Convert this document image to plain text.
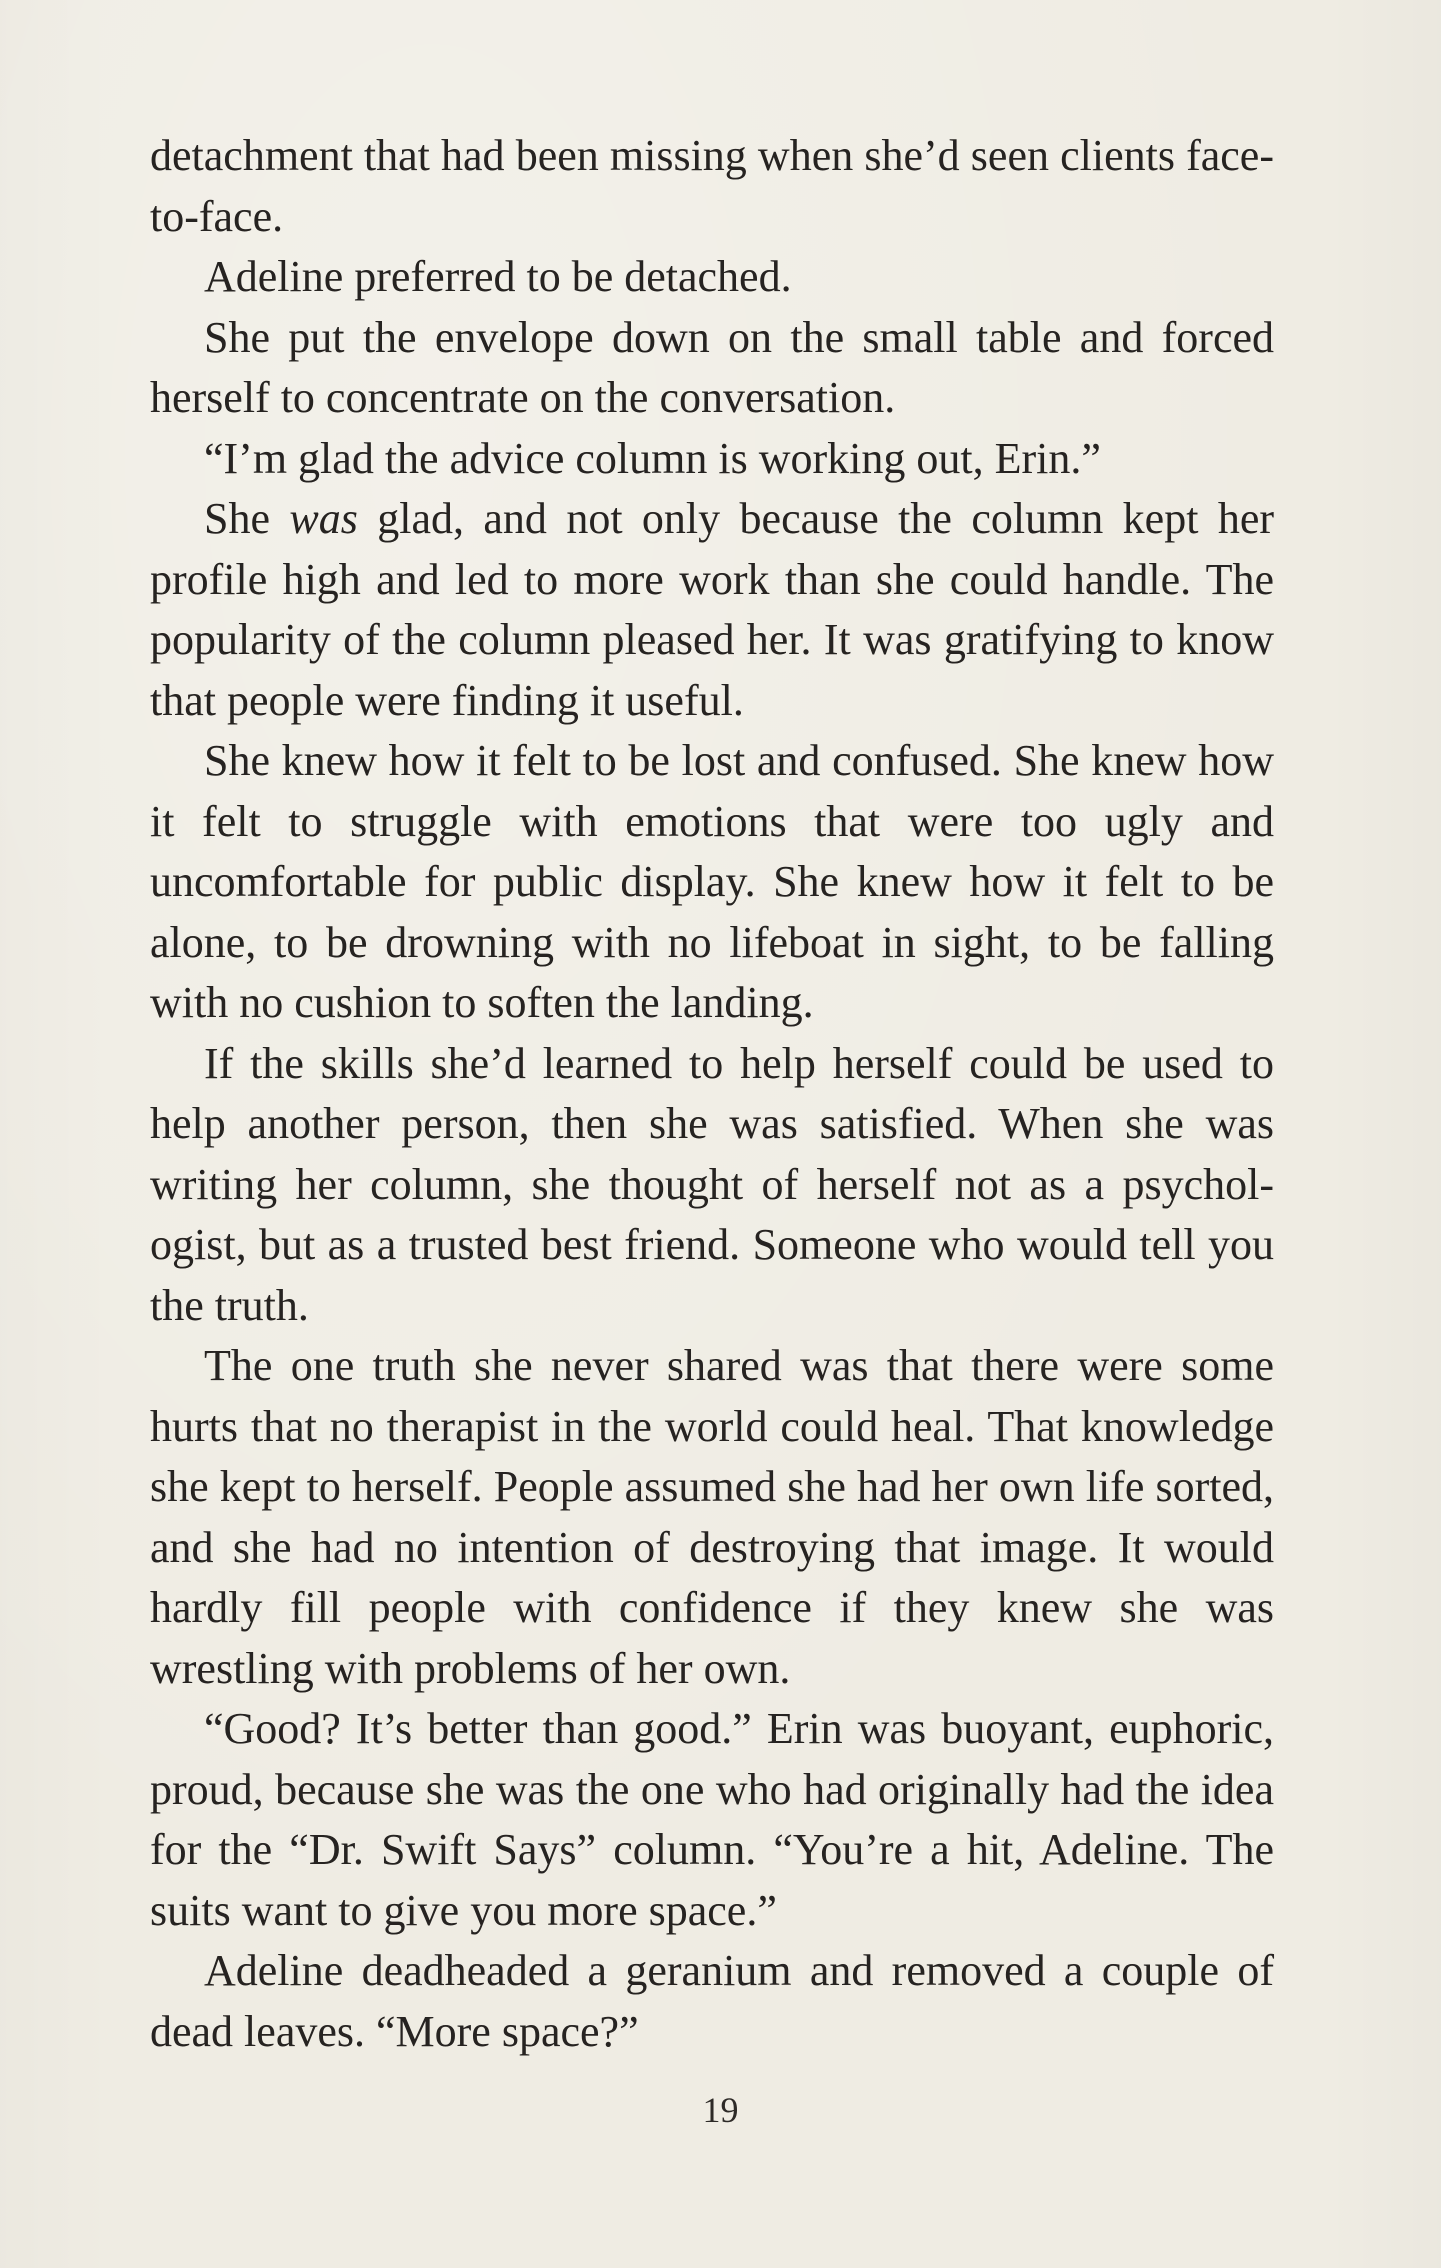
detachment that had been missing when she’d seen clients face-to-face.

Adeline preferred to be detached.

She put the envelope down on the small table and forced herself to concentrate on the conversation.

“I’m glad the advice column is working out, Erin.”

She was glad, and not only because the column kept her profile high and led to more work than she could handle. The popularity of the column pleased her. It was gratifying to know that people were finding it useful.

She knew how it felt to be lost and confused. She knew how it felt to struggle with emotions that were too ugly and uncomfortable for public display. She knew how it felt to be alone, to be drowning with no lifeboat in sight, to be falling with no cushion to soften the landing.

If the skills she’d learned to help herself could be used to help another person, then she was satisfied. When she was writing her column, she thought of herself not as a psychologist, but as a trusted best friend. Someone who would tell you the truth.

The one truth she never shared was that there were some hurts that no therapist in the world could heal. That knowledge she kept to herself. People assumed she had her own life sorted, and she had no intention of destroying that image. It would hardly fill people with confidence if they knew she was wrestling with problems of her own.

“Good? It’s better than good.” Erin was buoyant, euphoric, proud, because she was the one who had originally had the idea for the “Dr. Swift Says” column. “You’re a hit, Adeline. The suits want to give you more space.”

Adeline deadheaded a geranium and removed a couple of dead leaves. “More space?”

19
